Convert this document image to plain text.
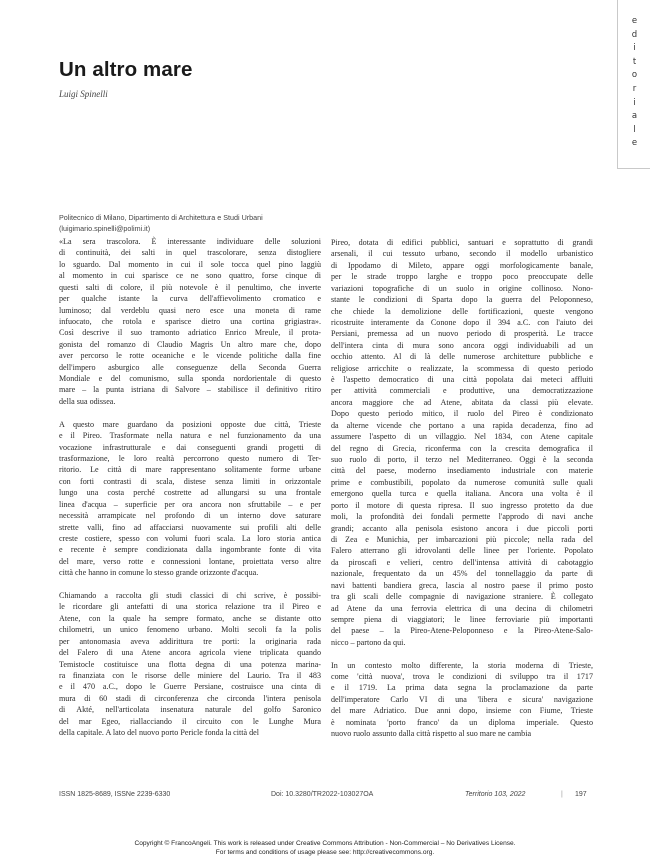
e
d
i
t
o
r
i
a
l
e
Un altro mare
Luigi Spinelli
Politecnico di Milano, Dipartimento di Architettura e Studi Urbani
(luigimario.spinelli@polimi.it)

«La sera trascolora. È interessante individuare delle soluzioni
di continuità, dei salti in quel trascolorare, senza distogliere
lo sguardo. Dal momento in cui il sole tocca quel pino laggiù
al momento in cui sparisce ce ne sono quattro, forse cinque di
questi salti di colore, il più notevole è il penultimo, che inverte
per qualche istante la curva dell'affievolimento cromatico e
luminoso; dal verdeblu quasi nero esce una moneta di rame
infuocato, che rotola e sparisce dietro una cortina grigiastra».
Così descrive il suo tramonto adriatico Enrico Mreule, il prota-
gonista del romanzo di Claudio Magris Un altro mare che, dopo
aver percorso le rotte oceaniche e le vicende politiche dalla fine
dell'impero asburgico alle conseguenze della Seconda Guerra
Mondiale e del comunismo, sulla sponda nordorientale di questo
mare – la punta istriana di Salvore – stabilisce il definitivo ritiro
della sua odissea.

A questo mare guardano da posizioni opposte due città, Trieste
e il Pireo. Trasformate nella natura e nel funzionamento da una
vocazione infrastrutturale e dai conseguenti grandi progetti di
trasformazione, le loro realtà percorrono questo numero di Ter-
ritorio. Le città di mare rappresentano solitamente forme urbane
con forti contrasti di scala, distese senza limiti in orizzontale
lungo una costa perché costrette ad allungarsi su una frontale
linea d'acqua – superficie per ora ancora non sfruttabile – e per
necessità arrampicate nel profondo di un interno dove saturare
strette valli, fino ad affacciarsi nuovamente sui profili alti delle
creste costiere, spesso con volumi fuori scala. La loro storia antica
e recente è sempre condizionata dalla ingombrante fonte di vita
del mare, verso rotte e connessioni lontane, proiettata verso altre
città che hanno in comune lo stesso grande orizzonte d'acqua.

Chiamando a raccolta gli studi classici di chi scrive, è possibi-
le ricordare gli antefatti di una storica relazione tra il Pireo e
Atene, con la quale ha sempre formato, anche se distante otto
chilometri, un unico fenomeno urbano. Molti secoli fa la polis
per antonomasia aveva addirittura tre porti: la originaria rada
del Falero di una Atene ancora agricola viene triplicata quando
Temistocle costituisce una flotta degna di una potenza marina-
ra finanziata con le risorse delle miniere del Laurio. Tra il 483
e il 470 a.C., dopo le Guerre Persiane, costruisce una cinta di
mura di 60 stadi di circonferenza che circonda l'intera penisola
di Akté, nell'articolata insenatura naturale del golfo Saronico
del mar Egeo, riallacciando il circuito con le Lunghe Mura
della capitale. A lato del nuovo porto Pericle fonda la città del

Pireo, dotata di edifici pubblici, santuari e soprattutto di grandi
arsenali, il cui tessuto urbano, secondo il modello urbanistico
di Ippodamo di Mileto, appare oggi morfologicamente banale,
per le strade troppo larghe e troppo poco preoccupate delle
variazioni topografiche di un suolo in origine collinoso. Nono-
stante le condizioni di Sparta dopo la guerra del Peloponneso,
che chiede la demolizione delle fortificazioni, queste vengono
ricostruite interamente da Conone dopo il 394 a.C. con l'aiuto dei
Persiani, premessa ad un nuovo periodo di prosperità. Le tracce
dell'intera cinta di mura sono ancora oggi individuabili ad un
occhio attento. Al di là delle numerose architetture pubbliche e
religiose arricchite o realizzate, la scommessa di questo periodo
è l'aspetto democratico di una città popolata dai meteci affluiti
per attività commerciali e produttive, una democratizzazione
ancora maggiore che ad Atene, abitata da classi più elevate.
Dopo questo periodo mitico, il ruolo del Pireo è condizionato
da alterne vicende che portano a una rapida decadenza, fino ad
assumere l'aspetto di un villaggio. Nel 1834, con Atene capitale
del regno di Grecia, riconferma con la crescita demografica il
suo ruolo di porto, il terzo nel Mediterraneo. Oggi è la seconda
città del paese, moderno insediamento industriale con materie
prime e combustibili, popolato da numerose comunità sulle quali
emergono quella turca e quella italiana. Ancora una volta è il
porto il motore di questa ripresa. Il suo ingresso protetto da due
moli, la profondità dei fondali permette l'approdo di navi anche
grandi; accanto alla penisola esistono ancora i due piccoli porti
di Zea e Munichia, per imbarcazioni più piccole; nella rada del
Falero atterrano gli idrovolanti delle linee per l'oriente. Popolato
da piroscafi e velieri, centro dell'intensa attività di cabotaggio
nazionale, frequentato da un 45% del tonnellaggio da parte di
navi battenti bandiera greca, lascia al nostro paese il primo posto
tra gli scali delle compagnie di navigazione straniere. È collegato
ad Atene da una ferrovia elettrica di una decina di chilometri
sempre piena di viaggiatori; le linee ferroviarie più importanti
del paese – la Pireo-Atene-Peloponneso e la Pireo-Atene-Salo-
nicco – partono da qui.

In un contesto molto differente, la storia moderna di Trieste,
come 'città nuova', trova le condizioni di sviluppo tra il 1717
e il 1719. La prima data segna la proclamazione da parte
dell'imperatore Carlo VI di una 'libera e sicura' navigazione
del mare Adriatico. Due anni dopo, insieme con Fiume, Trieste
è nominata 'porto franco' da un diploma imperiale. Questo
nuovo ruolo assunto dalla città rispetto al suo mare ne cambia

ISSN 1825-8689, ISSNe 2239-6330	Doi: 10.3280/TR2022-103027OA	Territorio 103, 2022	| 197
Copyright © FrancoAngeli. This work is released under Creative Commons Attribution - Non-Commercial – No Derivatives License.
For terms and conditions of usage please see: http://creativecommons.org.
